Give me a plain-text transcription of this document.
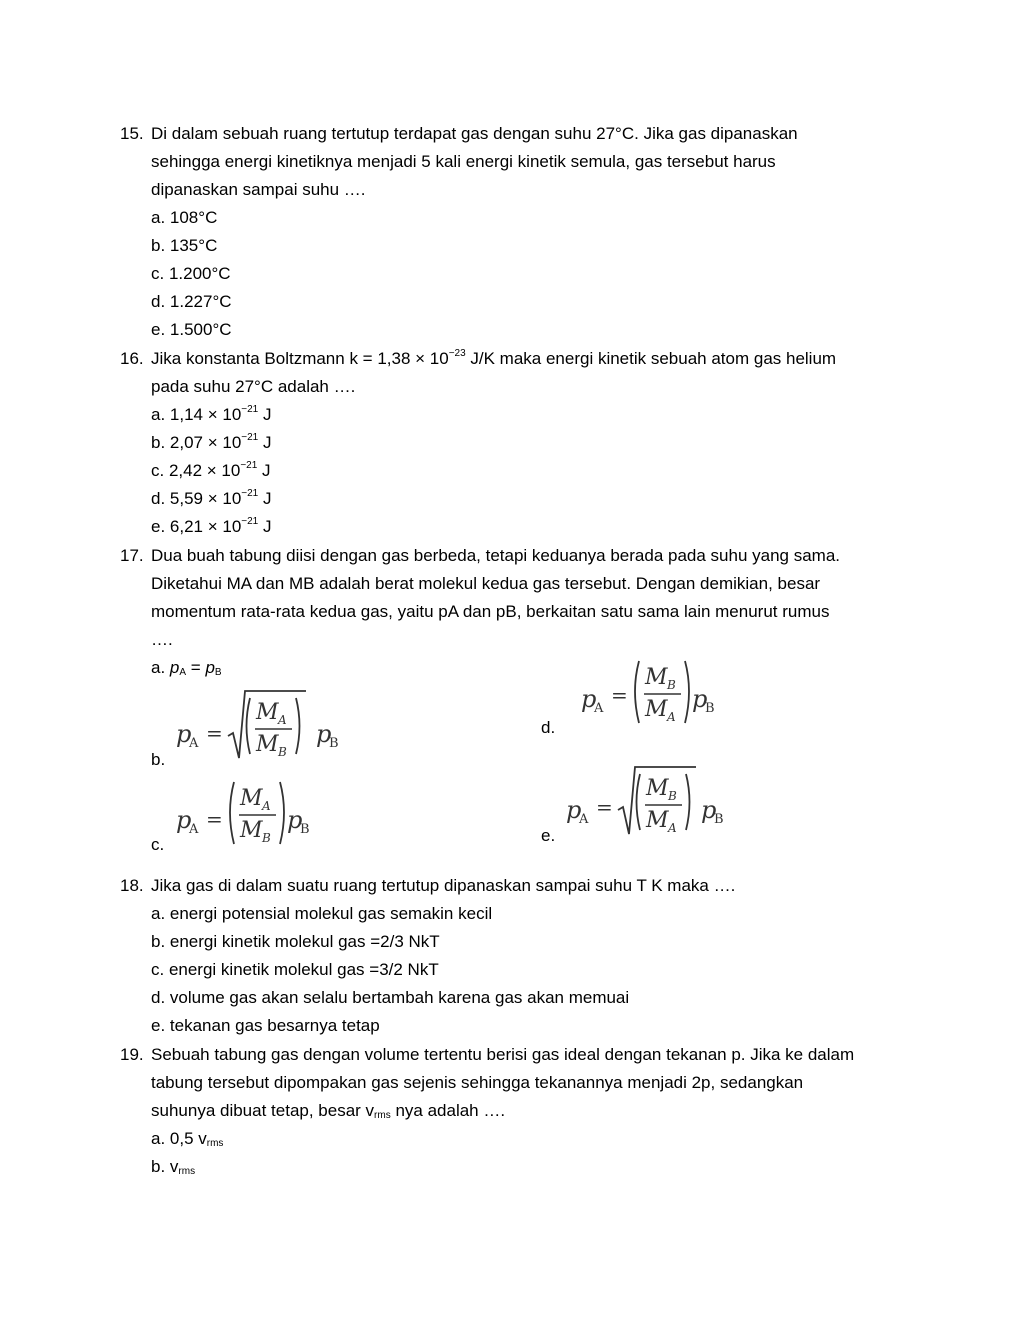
15. Di dalam sebuah ruang tertutup terdapat gas dengan suhu 27°C. Jika gas dipanaskan
sehingga energi kinetiknya menjadi 5 kali energi kinetik semula, gas tersebut harus
dipanaskan sampai suhu ….
a. 108°C
b. 135°C
c. 1.200°C
d. 1.227°C
e. 1.500°C
16. Jika konstanta Boltzmann $k = 1,38 \times 10^{-23}$ J/K maka energi kinetik sebuah atom gas helium
pada suhu 27°C adalah ….
a. $1,14 \times 10^{-21}$ J
b. $2,07 \times 10^{-21}$ J
c. $2,42 \times 10^{-21}$ J
d. $5,59 \times 10^{-21}$ J
e. $6,21 \times 10^{-21}$ J
17. Dua buah tabung diisi dengan gas berbeda, tetapi keduanya berada pada suhu yang sama.
Diketahui MA dan MB adalah berat molekul kedua gas tersebut. Dengan demikian, besar
momentum rata-rata kedua gas, yaitu pA dan pB, berkaitan satu sama lain menurut rumus
….
a. $p_A = p_B$
b.
c.
d.
e.
p
A =
M A
M B
p
B
p
A =
M A
M B
p
B
p
A
=
M B
M A
p
B
p
A
=
M B
M A
p
B
18. Jika gas di dalam suatu ruang tertutup dipanaskan sampai suhu T K maka ….
a. energi potensial molekul gas semakin kecil
b. energi kinetik molekul gas =2/3 NkT
c. energi kinetik molekul gas =3/2 NkT
d. volume gas akan selalu bertambah karena gas akan memuai
e. tekanan gas besarnya tetap
19. Sebuah tabung gas dengan volume tertentu berisi gas ideal dengan tekanan p. Jika ke dalam
tabung tersebut dipompakan gas sejenis sehingga tekanannya menjadi 2p, sedangkan
suhunya dibuat tetap, besar $v_{rms}$ nya adalah ….
a. 0,5 $v_{rms}$
b. $v_{rms}$
